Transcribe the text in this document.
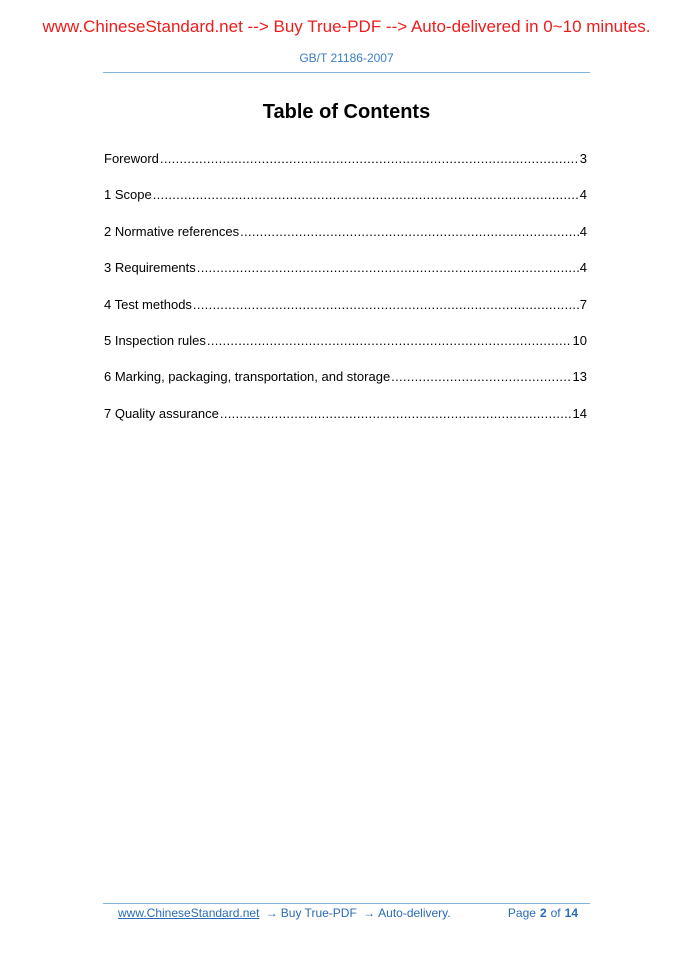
www.ChineseStandard.net --> Buy True-PDF --> Auto-delivered in 0~10 minutes.

GB/T 21186-2007

Table of Contents
Foreword .....	3
1 Scope .....	4
2 Normative references .....	4
3 Requirements .....	4
4 Test methods .....	7
5 Inspection rules .....	10
6 Marking, packaging, transportation, and storage .....	13
7 Quality assurance .....	14
www.ChineseStandard.net → Buy True-PDF → Auto-delivery.	Page 2 of 14
